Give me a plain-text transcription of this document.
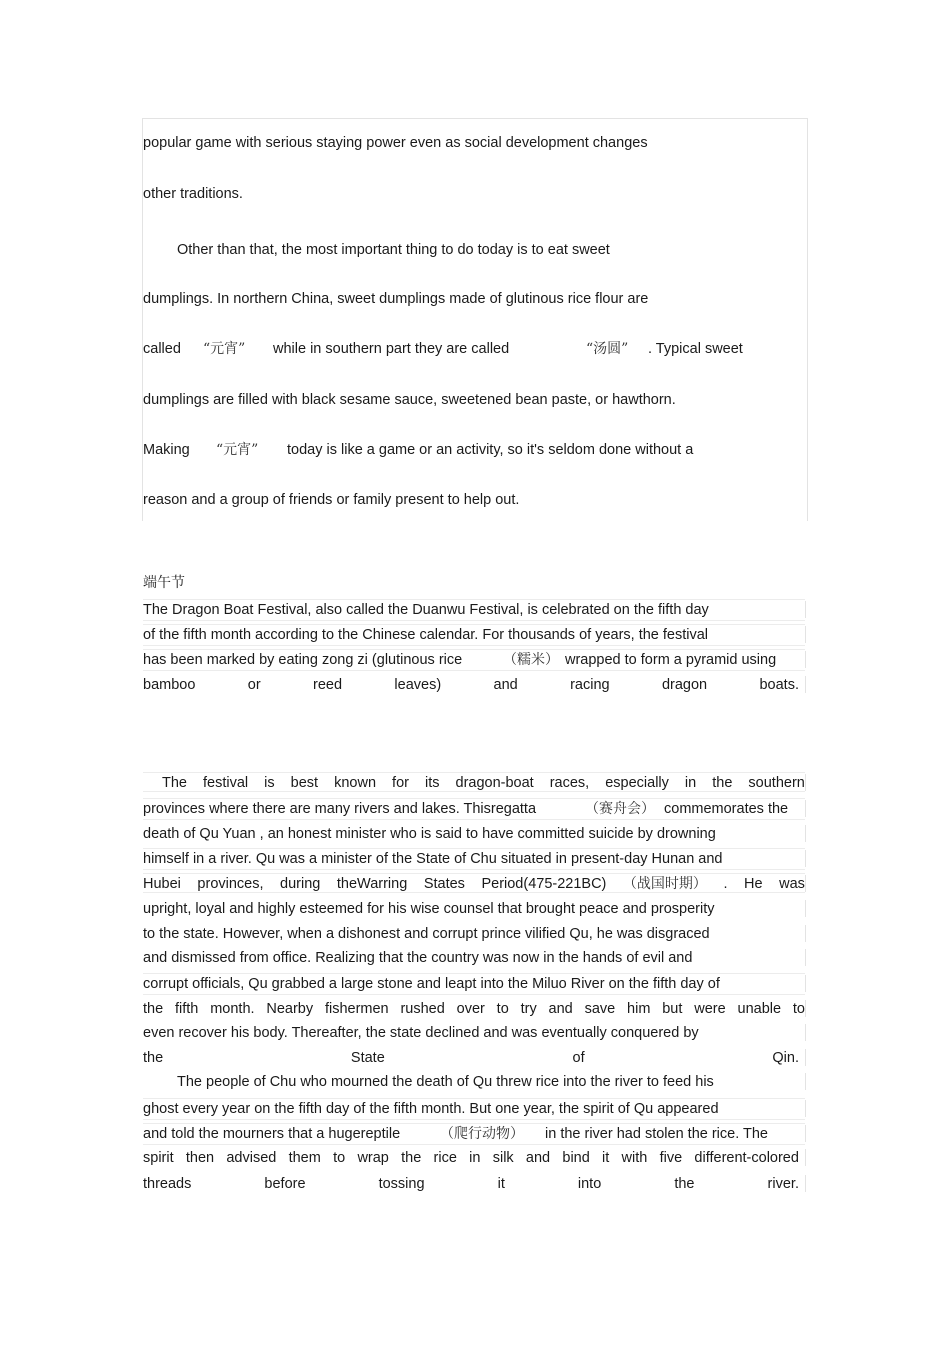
popular game with serious staying power even as social development changes
other traditions.
Other than that, the most important thing to do today is to eat sweet
dumplings. In northern China, sweet dumplings made of glutinous rice flour are
called “元宵” while in southern part they are called	“汤圆” . Typical sweet
dumplings are filled with black sesame sauce, sweetened bean paste, or hawthorn.
Making “元宵” today is like a game or an activity, so it's seldom done without a
reason and a group of friends or family present to help out.
端午节
The Dragon Boat Festival, also called the Duanwu Festival, is celebrated on the fifth day
of the fifth month according to the Chinese calendar. For thousands of years, the festival
has been marked by eating zong zi (glutinous rice	（糯米） wrapped to form a pyramid using
bamboo	or	reed	leaves)	and	racing	dragon	boats.
The festival is best known for its dragon-boat races, especially in the southern
provinces where there are many rivers and lakes. Thisregatta	（赛舟会） commemorates the
death of Qu Yuan , an honest minister who is said to have committed suicide by drowning
himself in a river. Qu was a minister of the State of Chu situated in present-day Hunan and
Hubei provinces, during theWarring States Period(475-221BC) （战国时期） . He was
upright, loyal and highly esteemed for his wise counsel that brought peace and prosperity
to the state. However, when a dishonest and corrupt prince vilified Qu, he was disgraced
and dismissed from office. Realizing that the country was now in the hands of evil and
corrupt officials, Qu grabbed a large stone and leapt into the Miluo River on the fifth day of
the fifth month. Nearby fishermen rushed over to try and save him but were unable to
even recover his body. Thereafter, the state declined and was eventually conquered by
the	State	of	Qin.
The people of Chu who mourned the death of Qu threw rice into the river to feed his
ghost every year on the fifth day of the fifth month. But one year, the spirit of Qu appeared
and told the mourners that a hugereptile	（爬行动物） in the river had stolen the rice. The
spirit then advised them to wrap the rice in silk and bind it with five different-colored
threads	before	tossing	it	into	the	river.
